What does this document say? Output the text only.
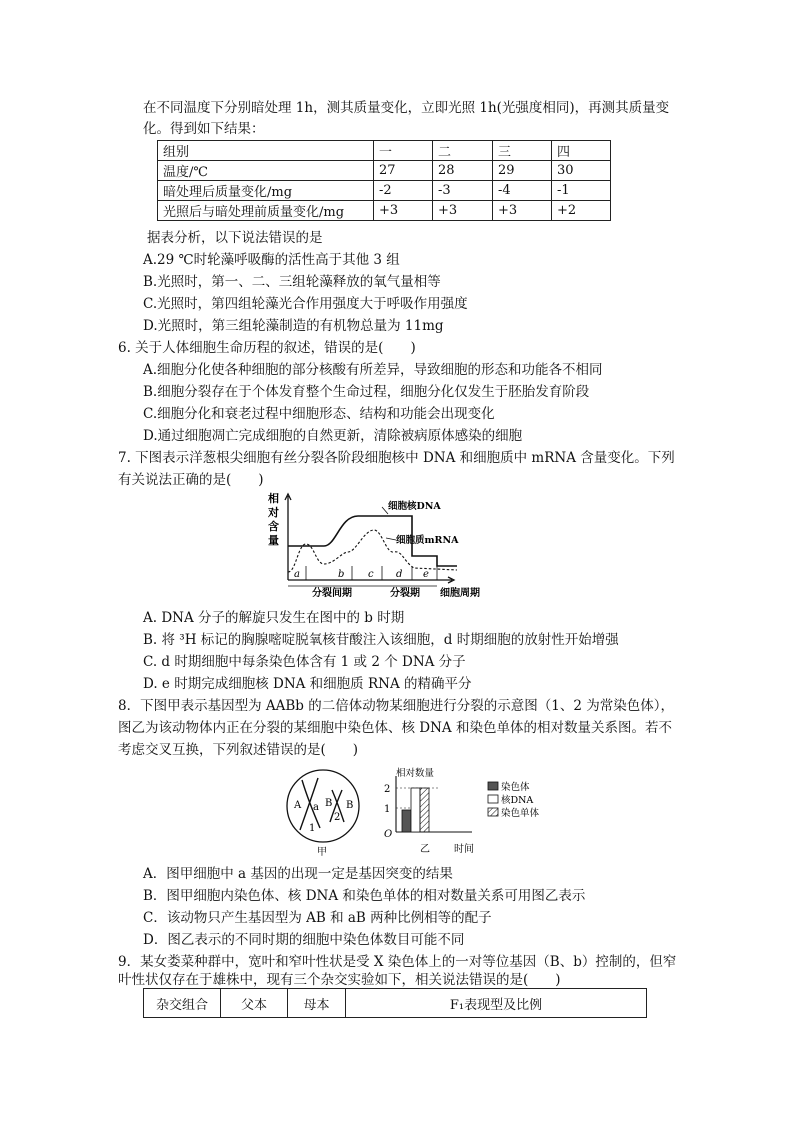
在不同温度下分别暗处理 1h，测其质量变化，立即光照 1h(光强度相同)，再测其质量变
化。得到如下结果：
组别	一	二	三	四
温度/℃	27	28	29	30
暗处理后质量变化/mg	-2	-3	-4	-1
光照后与暗处理前质量变化/mg	+3	+3	+3	+2
据表分析，以下说法错误的是
A.29 ℃时轮藻呼吸酶的活性高于其他 3 组
B.光照时，第一、二、三组轮藻释放的氧气量相等
C.光照时，第四组轮藻光合作用强度大于呼吸作用强度
D.光照时，第三组轮藻制造的有机物总量为 11mg
6. 关于人体细胞生命历程的叙述，错误的是(　　)
A.细胞分化使各种细胞的部分核酸有所差异，导致细胞的形态和功能各不相同
B.细胞分裂存在于个体发育整个生命过程，细胞分化仅发生于胚胎发育阶段
C.细胞分化和衰老过程中细胞形态、结构和功能会出现变化
D.通过细胞凋亡完成细胞的自然更新，清除被病原体感染的细胞
7. 下图表示洋葱根尖细胞有丝分裂各阶段细胞核中 DNA 和细胞质中 mRNA 含量变化。下列
有关说法正确的是(　　)
相
对
含
量
细胞核DNA
细胞质mRNA
a	b c d e
分裂间期	分裂期 细胞周期
A. DNA 分子的解旋只发生在图中的 b 时期
B. 将 ³H 标记的胸腺嘧啶脱氧核苷酸注入该细胞，d 时期细胞的放射性开始增强
C. d 时期细胞中每条染色体含有 1 或 2 个 DNA 分子
D. e 时期完成细胞核 DNA 和细胞质 RNA 的精确平分
8．下图甲表示基因型为 AABb 的二倍体动物某细胞进行分裂的示意图（1、2 为常染色体），
图乙为该动物体内正在分裂的某细胞中染色体、核 DNA 和染色单体的相对数量关系图。若不
考虑交叉互换，下列叙述错误的是(　　)
A a B B
1
2
甲
相对数量
2
1
O
时间
乙
染色体
核DNA
染色单体
A．图甲细胞中 a 基因的出现一定是基因突变的结果
B．图甲细胞内染色体、核 DNA 和染色单体的相对数量关系可用图乙表示
C．该动物只产生基因型为 AB 和 aB 两种比例相等的配子
D．图乙表示的不同时期的细胞中染色体数目可能不同
9．某女娄菜种群中，宽叶和窄叶性状是受 X 染色体上的一对等位基因（B、b）控制的，但窄
叶性状仅存在于雄株中，现有三个杂交实验如下，相关说法错误的是(　　)
杂交组合	父本	母本	F₁表现型及比例
